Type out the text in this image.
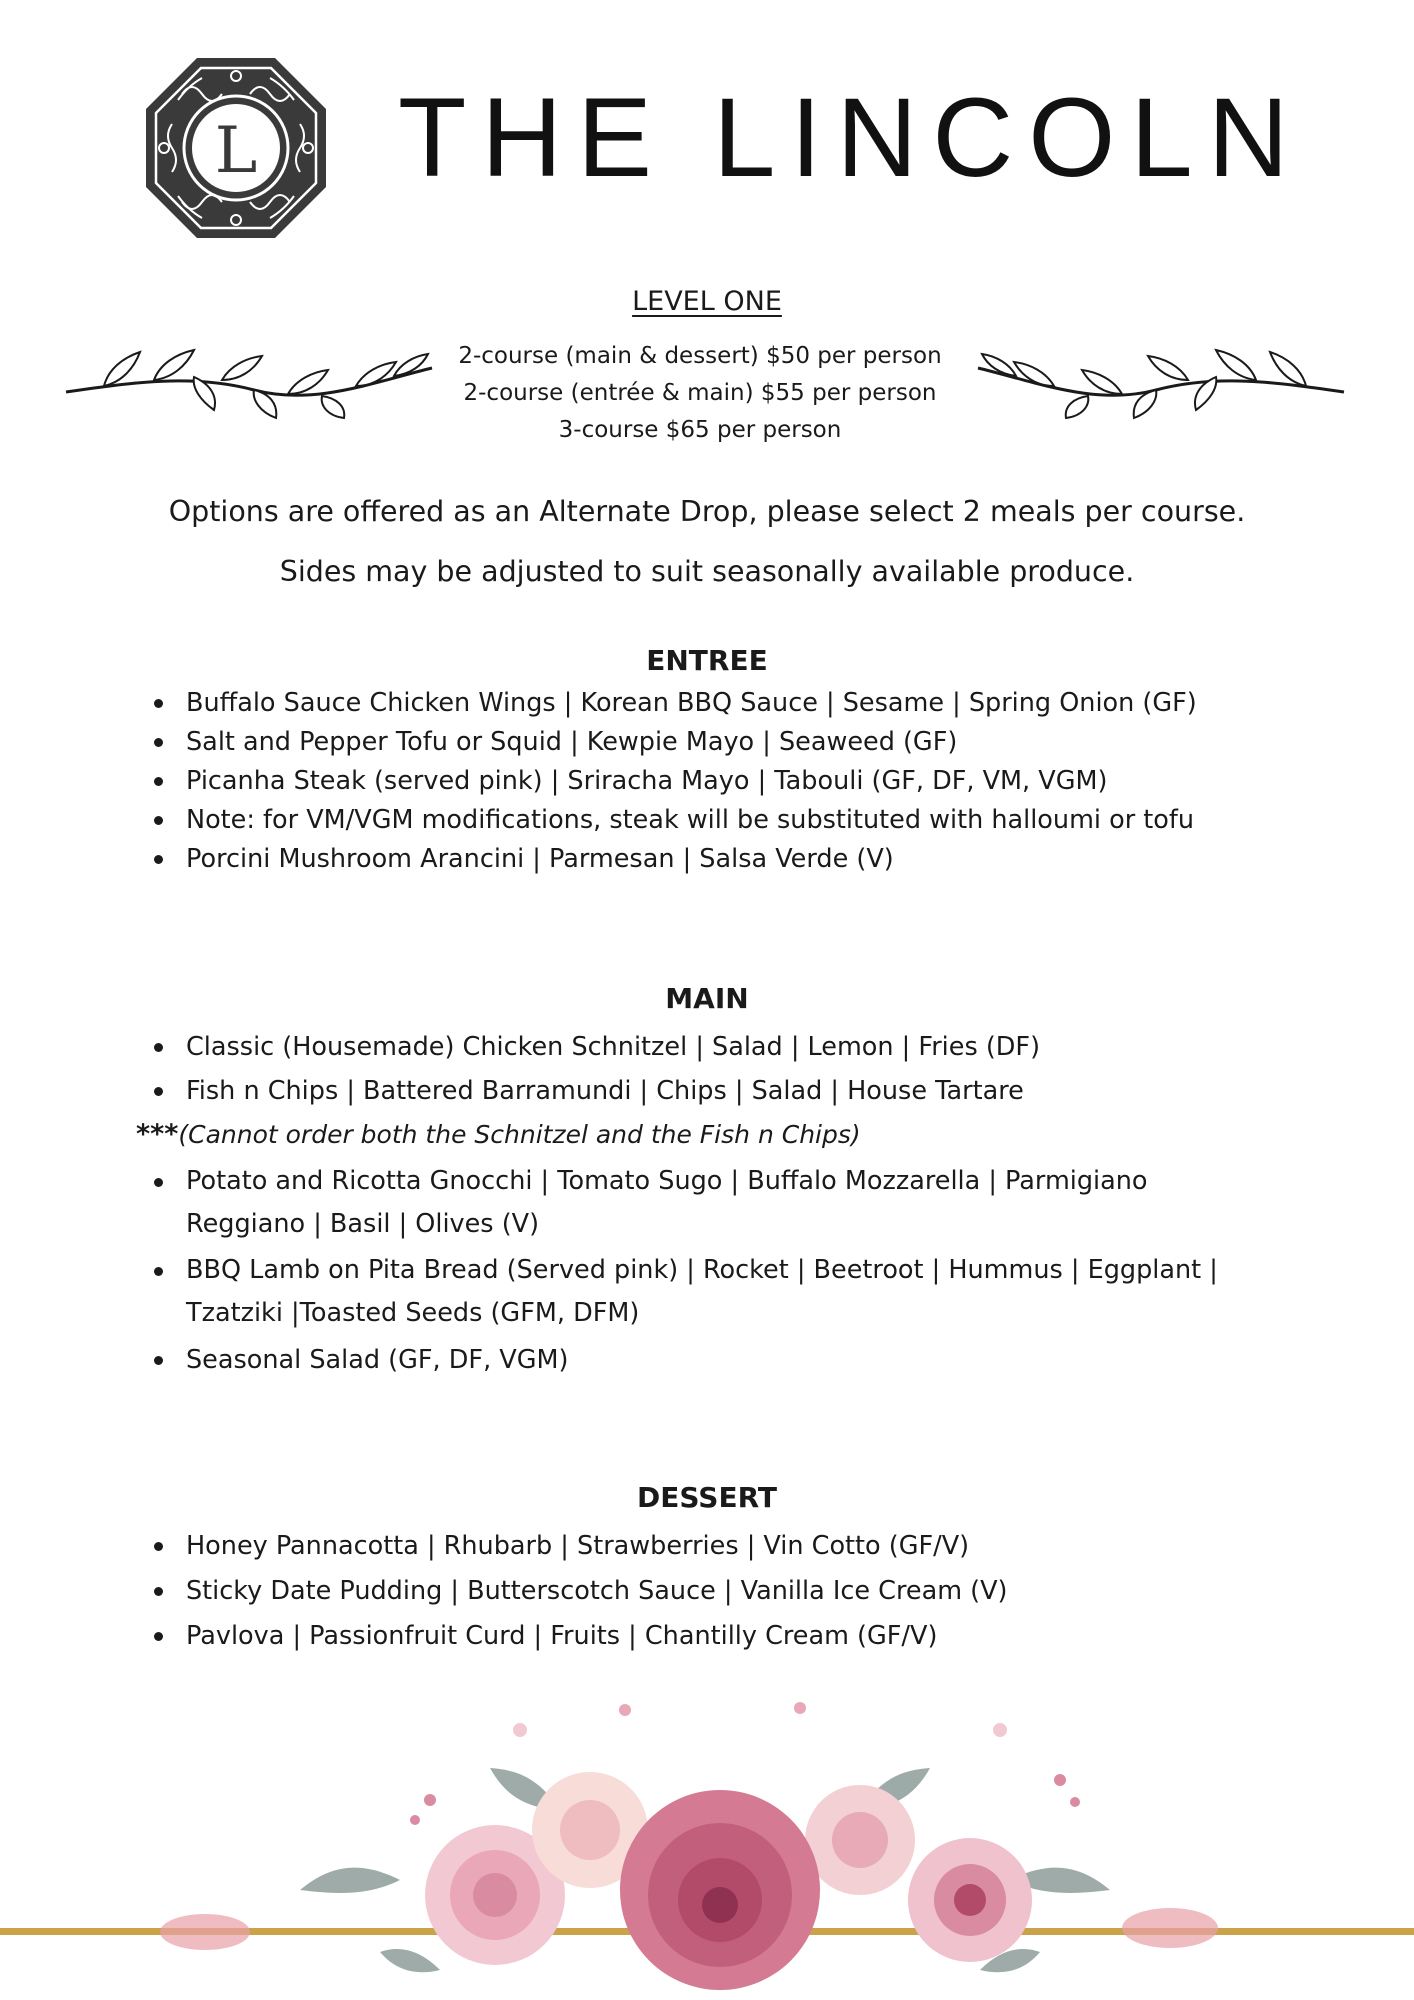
L THE LINCOLN
LEVEL ONE
2-course (main & dessert) $50 per person
2-course (entrée & main) $55 per person
3-course $65 per person
Options are offered as an Alternate Drop, please select 2 meals per course.
Sides may be adjusted to suit seasonally available produce.
ENTREE
Buffalo Sauce Chicken Wings | Korean BBQ Sauce | Sesame | Spring Onion (GF)
Salt and Pepper Tofu or Squid | Kewpie Mayo | Seaweed (GF)
Picanha Steak (served pink) | Sriracha Mayo | Tabouli (GF, DF, VM, VGM)
Note: for VM/VGM modifications, steak will be substituted with halloumi or tofu
Porcini Mushroom Arancini | Parmesan | Salsa Verde (V)
MAIN
Classic (Housemade) Chicken Schnitzel | Salad | Lemon | Fries (DF)
Fish n Chips | Battered Barramundi | Chips | Salad | House Tartare
***(Cannot order both the Schnitzel and the Fish n Chips)
Potato and Ricotta Gnocchi | Tomato Sugo | Buffalo Mozzarella | Parmigiano Reggiano | Basil | Olives (V)
BBQ Lamb on Pita Bread (Served pink) | Rocket | Beetroot | Hummus | Eggplant | Tzatziki |Toasted Seeds (GFM, DFM)
Seasonal Salad (GF, DF, VGM)
DESSERT
Honey Pannacotta | Rhubarb | Strawberries | Vin Cotto (GF/V)
Sticky Date Pudding | Butterscotch Sauce | Vanilla Ice Cream (V)
Pavlova | Passionfruit Curd | Fruits | Chantilly Cream (GF/V)
